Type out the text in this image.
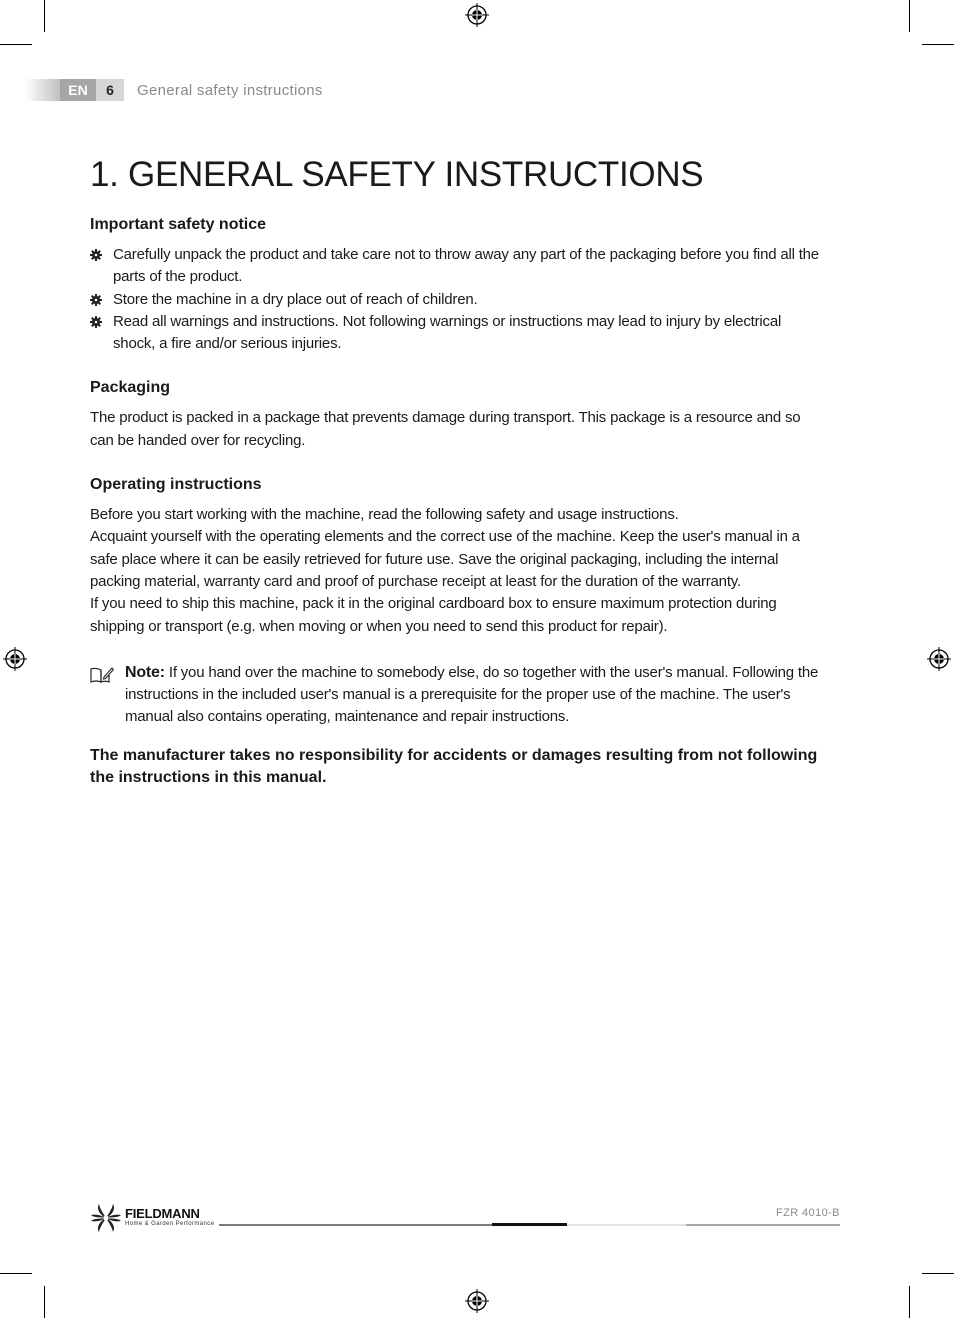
EN	6	General safety instructions
1. GENERAL SAFETY INSTRUCTIONS
Important safety notice
Carefully unpack the product and take care not to throw away any part of the packaging before you find all the parts of the product.
Store the machine in a dry place out of reach of children.
Read all warnings and instructions. Not following warnings or instructions may lead to injury by electrical shock, a fire and/or serious injuries.
Packaging

The product is packed in a package that prevents damage during transport. This package is a resource and so can be handed over for recycling.

Operating instructions

Before you start working with the machine, read the following safety and usage instructions.

Acquaint yourself with the operating elements and the correct use of the machine. Keep the user's manual in a safe place where it can be easily retrieved for future use. Save the original packaging, including the internal packing material, warranty card and proof of purchase receipt at least for the duration of the warranty.

If you need to ship this machine, pack it in the original cardboard box to ensure maximum protection during shipping or transport (e.g. when moving or when you need to send this product for repair).

Note: If you hand over the machine to somebody else, do so together with the user's manual. Following the instructions in the included user's manual is a prerequisite for the proper use of the machine. The user's manual also contains operating, maintenance and repair instructions.

The manufacturer takes no responsibility for accidents or damages resulting from not following the instructions in this manual.
FIELDMANN
Home & Garden Performance
FZR 4010-B
